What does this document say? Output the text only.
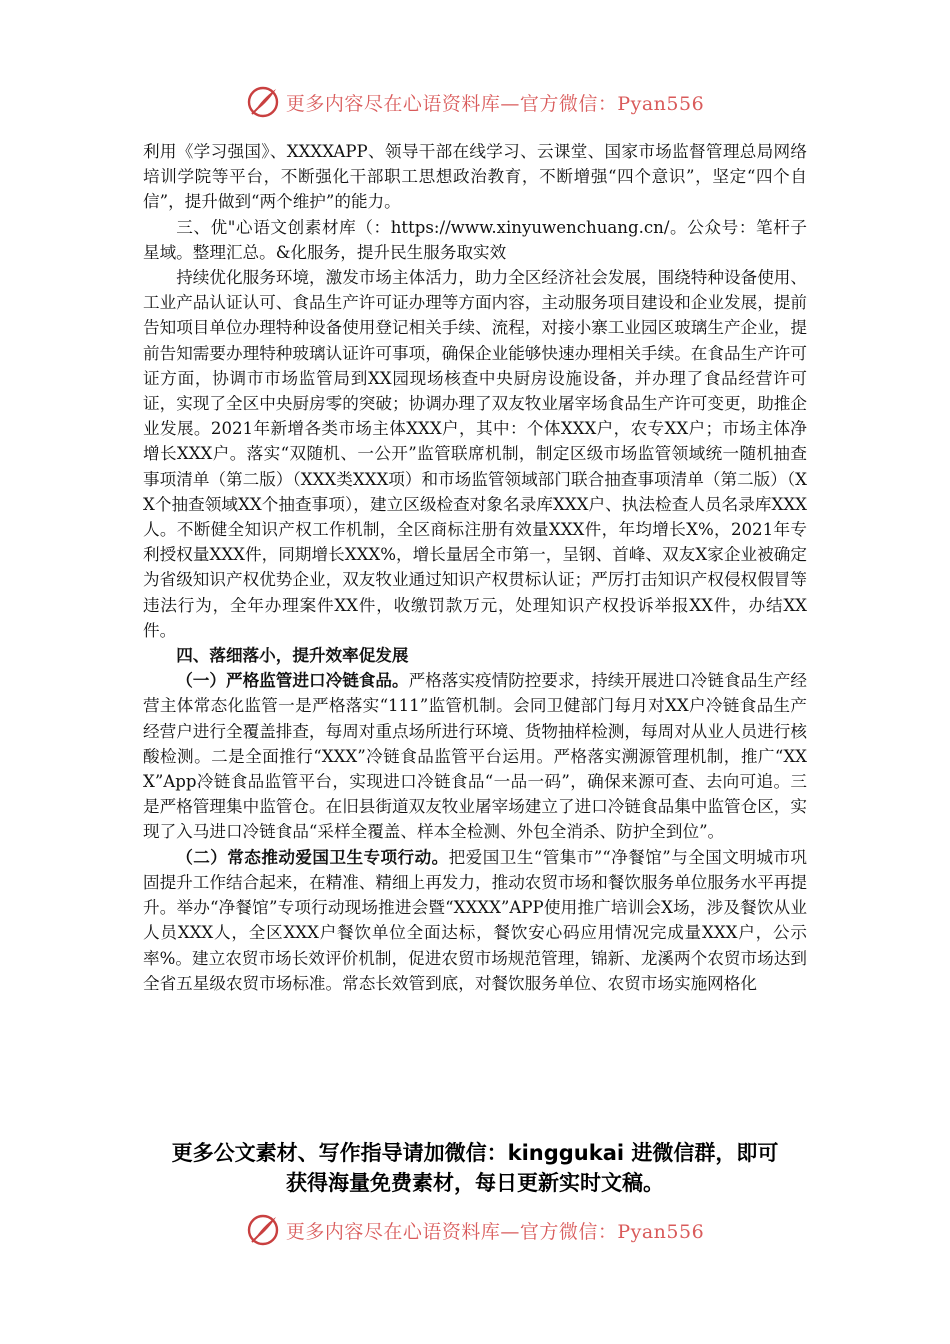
更多内容尽在心语资料库—官方微信：Pyan556

利用《学习强国》、XXXXAPP、领导干部在线学习、云课堂、国家市场监督管理总局网络培训学院等平台，不断强化干部职工思想政治教育，不断增强“四个意识”，坚定“四个自信”，提升做到“两个维护”的能力。

三、优"心语文创素材库（：https://www.xinyuwenchuang.cn/。公众号：笔杆子星域。整理汇总。&化服务，提升民生服务取实效

持续优化服务环境，激发市场主体活力，助力全区经济社会发展，围绕特种设备使用、工业产品认证认可、食品生产许可证办理等方面内容，主动服务项目建设和企业发展，提前告知项目单位办理特种设备使用登记相关手续、流程，对接小寨工业园区玻璃生产企业，提前告知需要办理特种玻璃认证许可事项，确保企业能够快速办理相关手续。在食品生产许可证方面，协调市市场监管局到XX园现场核查中央厨房设施设备，并办理了食品经营许可证，实现了全区中央厨房零的突破；协调办理了双友牧业屠宰场食品生产许可变更，助推企业发展。2021年新增各类市场主体XXX户，其中：个体XXX户，农专XX户；市场主体净增长XXX户。落实“双随机、一公开”监管联席机制，制定区级市场监管领域统一随机抽查事项清单（第二版）（XXX类XXX项）和市场监管领域部门联合抽查事项清单（第二版）（XX个抽查领域XX个抽查事项），建立区级检查对象名录库XXX户、执法检查人员名录库XXX人。不断健全知识产权工作机制，全区商标注册有效量XXX件，年均增长X%，2021年专利授权量XXX件，同期增长XXX%，增长量居全市第一，呈钢、首峰、双友X家企业被确定为省级知识产权优势企业，双友牧业通过知识产权贯标认证；严厉打击知识产权侵权假冒等违法行为，全年办理案件XX件，收缴罚款万元，处理知识产权投诉举报XX件，办结XX件。

四、落细落小，提升效率促发展

（一）严格监管进口冷链食品。严格落实疫情防控要求，持续开展进口冷链食品生产经营主体常态化监管一是严格落实“111”监管机制。会同卫健部门每月对XX户冷链食品生产经营户进行全覆盖排查，每周对重点场所进行环境、货物抽样检测，每周对从业人员进行核酸检测。二是全面推行“XXX”冷链食品监管平台运用。严格落实溯源管理机制，推广“XXX”App冷链食品监管平台，实现进口冷链食品“一品一码”，确保来源可查、去向可追。三是严格管理集中监管仓。在旧县街道双友牧业屠宰场建立了进口冷链食品集中监管仓区，实现了入马进口冷链食品“采样全覆盖、样本全检测、外包全消杀、防护全到位”。

（二）常态推动爱国卫生专项行动。把爱国卫生“管集市”“净餐馆”与全国文明城市巩固提升工作结合起来，在精准、精细上再发力，推动农贸市场和餐饮服务单位服务水平再提升。举办“净餐馆”专项行动现场推进会暨“XXXX”APP使用推广培训会X场，涉及餐饮从业人员XXX人，全区XXX户餐饮单位全面达标，餐饮安心码应用情况完成量XXX户，公示率%。建立农贸市场长效评价机制，促进农贸市场规范管理，锦新、龙溪两个农贸市场达到全省五星级农贸市场标准。常态长效管到底，对餐饮服务单位、农贸市场实施网格化

更多公文素材、写作指导请加微信：kinggukai 进微信群，即可
获得海量免费素材，每日更新实时文稿。
更多内容尽在心语资料库—官方微信：Pyan556
